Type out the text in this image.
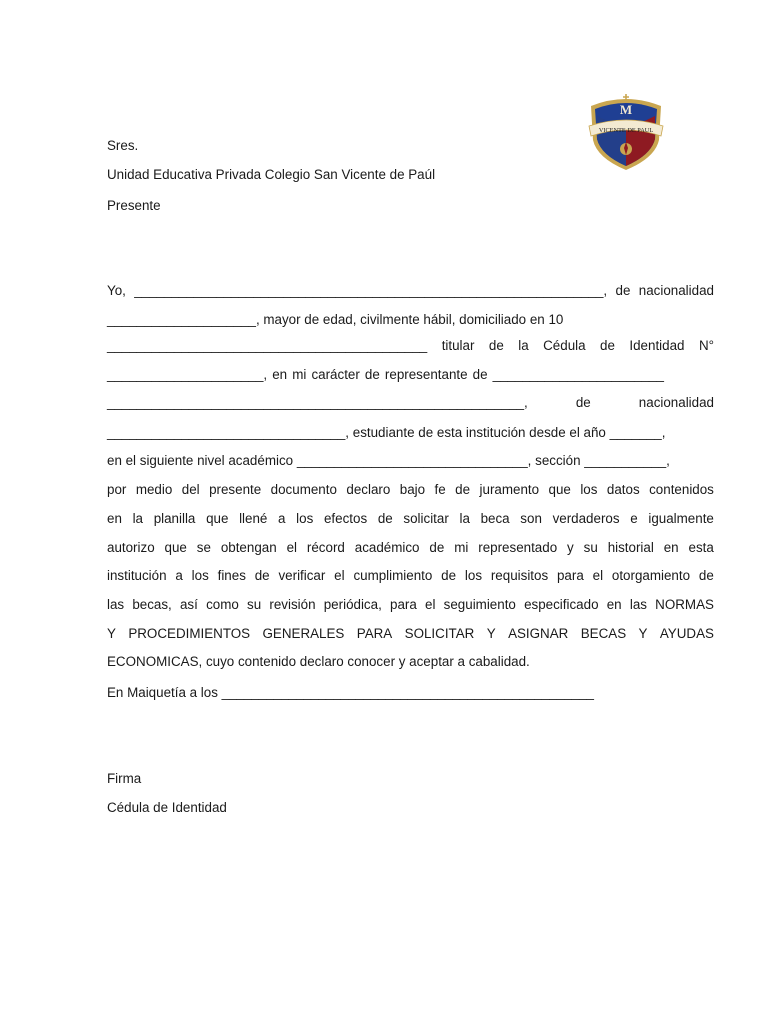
M
VICENTE DE PAUL
Sres.
Unidad Educativa Privada Colegio San Vicente de Paúl
Presente
Yo, _______________________________________________________________, de nacionalidad
____________________, mayor de edad, civilmente hábil, domiciliado en 10
___________________________________________ titular de la Cédula de Identidad N°
_____________________, en mi carácter de representante de _______________________
________________________________________________________,	de	nacionalidad
________________________________, estudiante de esta institución desde el año _______,
en el siguiente nivel académico _______________________________, sección ___________,
por medio del presente documento declaro bajo fe de juramento que los datos contenidos
en la planilla que llené a los efectos de solicitar la beca son verdaderos e igualmente
autorizo que se obtengan el récord académico de mi representado y su historial en esta
institución a los fines de verificar el cumplimiento de los requisitos para el otorgamiento de
las becas, así como su revisión periódica, para el seguimiento especificado en las NORMAS
Y PROCEDIMIENTOS GENERALES PARA SOLICITAR Y ASIGNAR BECAS Y AYUDAS
ECONOMICAS, cuyo contenido declaro conocer y aceptar a cabalidad.
En Maiquetía a los __________________________________________________
Firma
Cédula de Identidad
